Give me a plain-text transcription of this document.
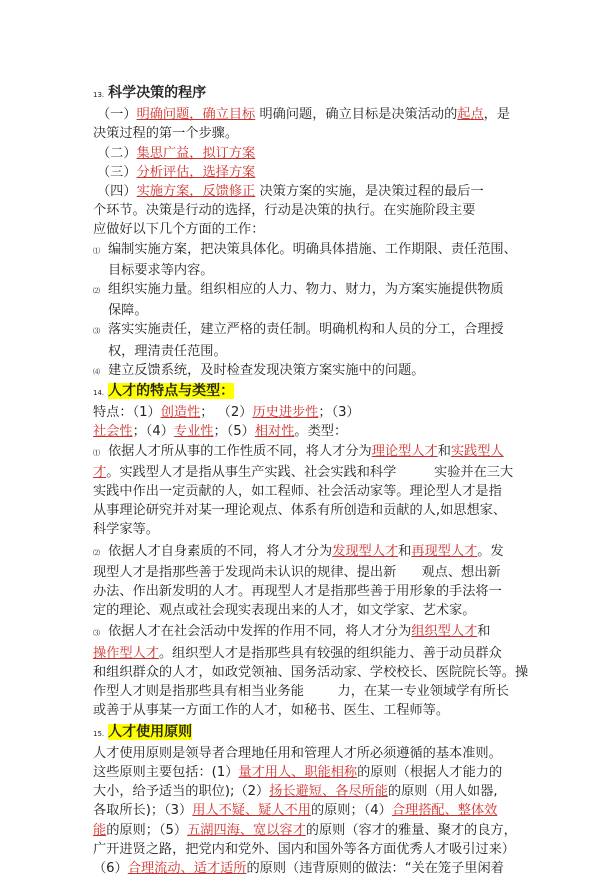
13. 科学决策的程序
（一）明确问题，确立目标 明确问题，确立目标是决策活动的起点，是
决策过程的第一个步骤。
（二）集思广益，拟订方案
（三）分析评估，选择方案
（四）实施方案，反馈修正 决策方案的实施，是决策过程的最后一
个环节。决策是行动的选择，行动是决策的执行。在实施阶段主要
应做好以下几个方面的工作：
⑴ 编制实施方案，把决策具体化。明确具体措施、工作期限、责任范围、
目标要求等内容。
⑵ 组织实施力量。组织相应的人力、物力、财力，为方案实施提供物质
保障。
⑶ 落实实施责任，建立严格的责任制。明确机构和人员的分工，合理授
权，理清责任范围。
⑷ 建立反馈系统，及时检查发现决策方案实施中的问题。
14. 人才的特点与类型：
特点：（1）创造性； （2）历史进步性；（3）
社会性；（4）专业性；（5）相对性。类型：
⑴ 依据人才所从事的工作性质不同，将人才分为理论型人才和实践型人
才。实践型人才是指从事生产实践、社会实践和科学         实验并在三大
实践中作出一定贡献的人，如工程师、社会活动家等。理论型人才是指
从事理论研究并对某一理论观点、体系有所创造和贡献的人,如思想家、
科学家等。
⑵ 依据人才自身素质的不同，将人才分为发现型人才和再现型人才。发
现型人才是指那些善于发现尚未认识的规律、提出新      观点、想出新
办法、作出新发明的人才。再现型人才是指那些善于用形象的手法将一
定的理论、观点或社会现实表现出来的人才，如文学家、艺术家。
⑶ 依据人才在社会活动中发挥的作用不同，将人才分为组织型人才和
操作型人才。组织型人才是指那些具有较强的组织能力、善于动员群众
和组织群众的人才，如政党领袖、国务活动家、学校校长、医院院长等。操
作型人才则是指那些具有相当业务能        力，在某一专业领域学有所长
或善于从事某一方面工作的人才，如秘书、医生、工程师等。
15. 人才使用原则
人才使用原则是领导者合理地任用和管理人才所必须遵循的基本准则。
这些原则主要包括：(1）量才用人、职能相称的原则（根据人才能力的
大小，给予适当的职位);（2）扬长避短、各尽所能的原则（用人如器,
各取所长)；（3）用人不疑、疑人不用的原则；（4）合理搭配、整体效
能的原则；（5）五湖四海、宽以容才的原则（容才的雅量、聚才的良方，
广开进贤之路，把党内和党外、国内和国外等各方面优秀人才吸引过来）
（6）合理流动、适才适所的原则（违背原则的做法：“关在笼子里闲着
